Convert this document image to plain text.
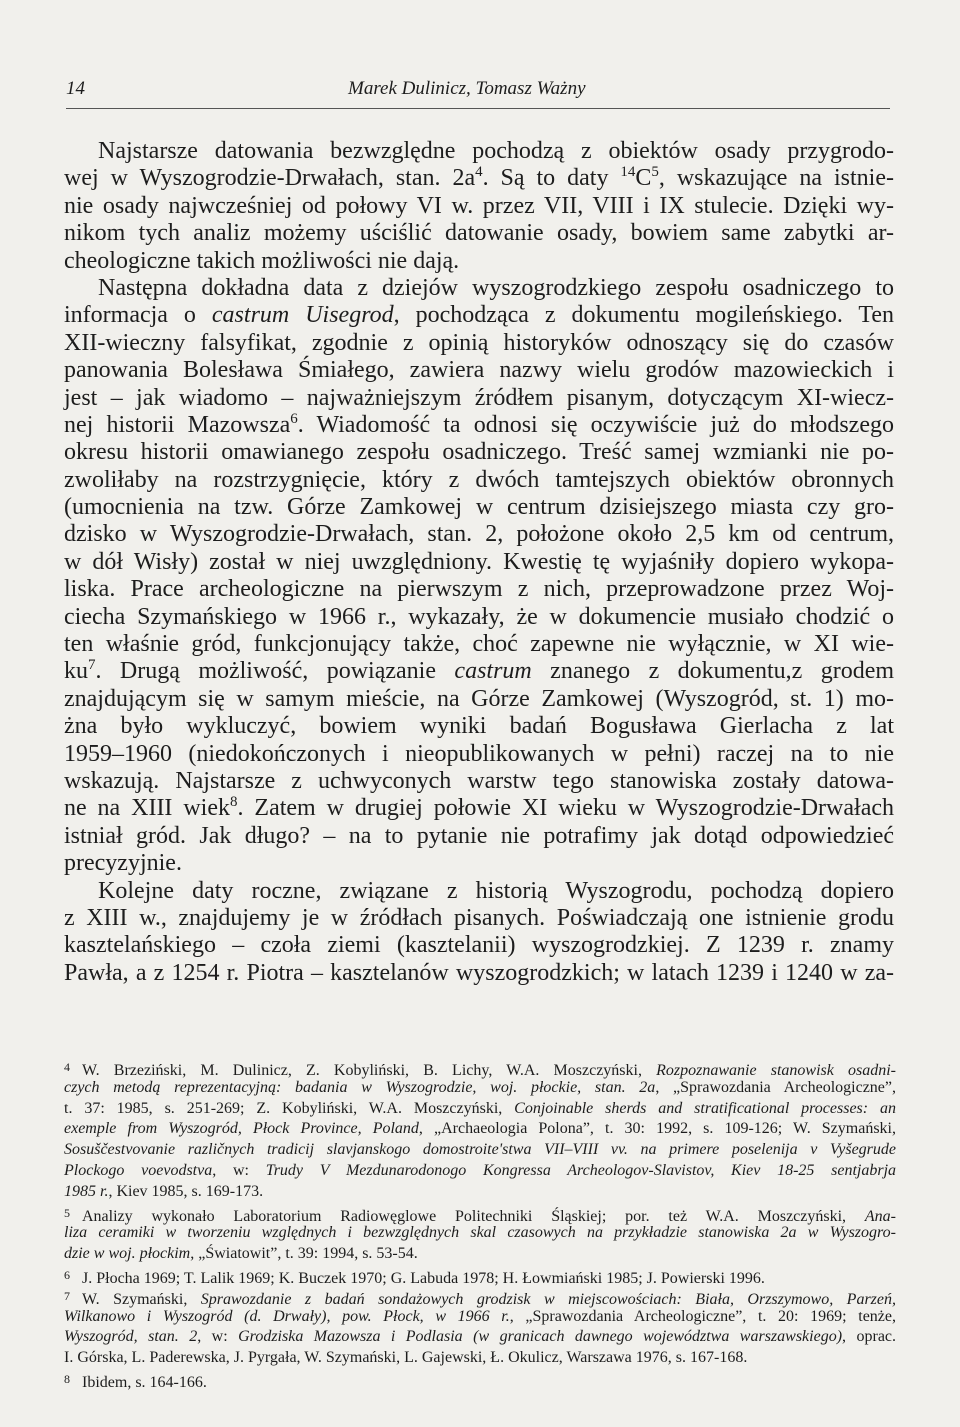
14	Marek Dulinicz, Tomasz Ważny
Najstarsze datowania bezwzględne pochodzą z obiektów osady przygrodo-
wej w Wyszogrodzie-Drwałach, stan. $2a^4$. Są to daty $^{14}C^5$, wskazujące na istnie-
nie osady najwcześniej od połowy VI w. przez VII, VIII i IX stulecie. Dzięki wy-
nikom tych analiz możemy uściślić datowanie osady, bowiem same zabytki ar-
cheologiczne takich możliwości nie dają.
Następna dokładna data z dziejów wyszogrodzkiego zespołu osadniczego to
informacja o castrum Uisegrod, pochodząca z dokumentu mogileńskiego. Ten
XII-wieczny falsyfikat, zgodnie z opinią historyków odnoszący się do czasów
panowania Bolesława Śmiałego, zawiera nazwy wielu grodów mazowieckich i
jest – jak wiadomo – najważniejszym źródłem pisanym, dotyczącym XI-wiecz-
nej historii Mazowsza$^6$. Wiadomość ta odnosi się oczywiście już do młodszego
okresu historii omawianego zespołu osadniczego. Treść samej wzmianki nie po-
zwoliłaby na rozstrzygnięcie, który z dwóch tamtejszych obiektów obronnych
(umocnienia na tzw. Górze Zamkowej w centrum dzisiejszego miasta czy gro-
dzisko w Wyszogrodzie-Drwałach, stan. 2, położone około 2,5 km od centrum,
w dół Wisły) został w niej uwzględniony. Kwestię tę wyjaśniły dopiero wykopa-
liska. Prace archeologiczne na pierwszym z nich, przeprowadzone przez Woj-
ciecha Szymańskiego w 1966 r., wykazały, że w dokumencie musiało chodzić o
ten właśnie gród, funkcjonujący także, choć zapewne nie wyłącznie, w XI wie-
$ku^7$. Drugą możliwość, powiązanie castrum znanego z dokumentu,z grodem
znajdującym się w samym mieście, na Górze Zamkowej (Wyszogród, st. 1) mo-
żna było wykluczyć, bowiem wyniki badań Bogusława Gierlacha z lat
1959–1960 (niedokończonych i nieopublikowanych w pełni) raczej na to nie
wskazują. Najstarsze z uchwyconych warstw tego stanowiska zostały datowa-
ne na XIII wiek$^8$. Zatem w drugiej połowie XI wieku w Wyszogrodzie-Drwałach
istniał gród. Jak długo? – na to pytanie nie potrafimy jak dotąd odpowiedzieć
precyzyjnie.
Kolejne daty roczne, związane z historią Wyszogrodu, pochodzą dopiero
z XIII w., znajdujemy je w źródłach pisanych. Poświadczają one istnienie grodu
kasztelańskiego – czoła ziemi (kasztelanii) wyszogrodzkiej. Z 1239 r. znamy
Pawła, a z 1254 r. Piotra – kasztelanów wyszogrodzkich; w latach 1239 i 1240 w za-
$^4$ W. Brzeziński, M. Dulinicz, Z. Kobyliński, B. Lichy, W.A. Moszczyński, Rozpoznawanie stanowisk osadni-
czych metodą reprezentacyjną: badania w Wyszogrodzie, woj. płockie, stan. 2a, „Sprawozdania Archeologiczne”,
t. 37: 1985, s. 251-269; Z. Kobyliński, W.A. Moszczyński, Conjoinable sherds and stratificational processes: an
exemple from Wyszogród, Płock Province, Poland, „Archaeologia Polona”, t. 30: 1992, s. 109-126; W. Szymański,
Sosuščestvovanie različnych tradicij slavjanskogo domostroite'stwa VII–VIII vv. na primere poselenija v Vyšegrude
Plockogo voevodstva, w: Trudy V Mezdunarodonogo Kongressa Archeologov-Slavistov, Kiev 18-25 sentjabrja
1985 r., Kiev 1985, s. 169-173.
$^5$ Analizy wykonało Laboratorium Radiowęglowe Politechniki Śląskiej; por. też W.A. Moszczyński, Ana-
liza ceramiki w tworzeniu względnych i bezwzględnych skal czasowych na przykładzie stanowiska 2a w Wyszogro-
dzie w woj. płockim, „Światowit”, t. 39: 1994, s. 53-54.
$^6$ J. Płocha 1969; T. Lalik 1969; K. Buczek 1970; G. Labuda 1978; H. Łowmiański 1985; J. Powierski 1996.
$^7$ W. Szymański, Sprawozdanie z badań sondażowych grodzisk w miejscowościach: Biała, Orzszymowo, Parzeń,
Wilkanowo i Wyszogród (d. Drwały), pow. Płock, w 1966 r., „Sprawozdania Archeologiczne”, t. 20: 1969; tenże,
Wyszogród, stan. 2, w: Grodziska Mazowsza i Podlasia (w granicach dawnego województwa warszawskiego), oprac.
I. Górska, L. Paderewska, J. Pyrgała, W. Szymański, L. Gajewski, Ł. Okulicz, Warszawa 1976, s. 167-168.
$^8$ Ibidem, s. 164-166.
